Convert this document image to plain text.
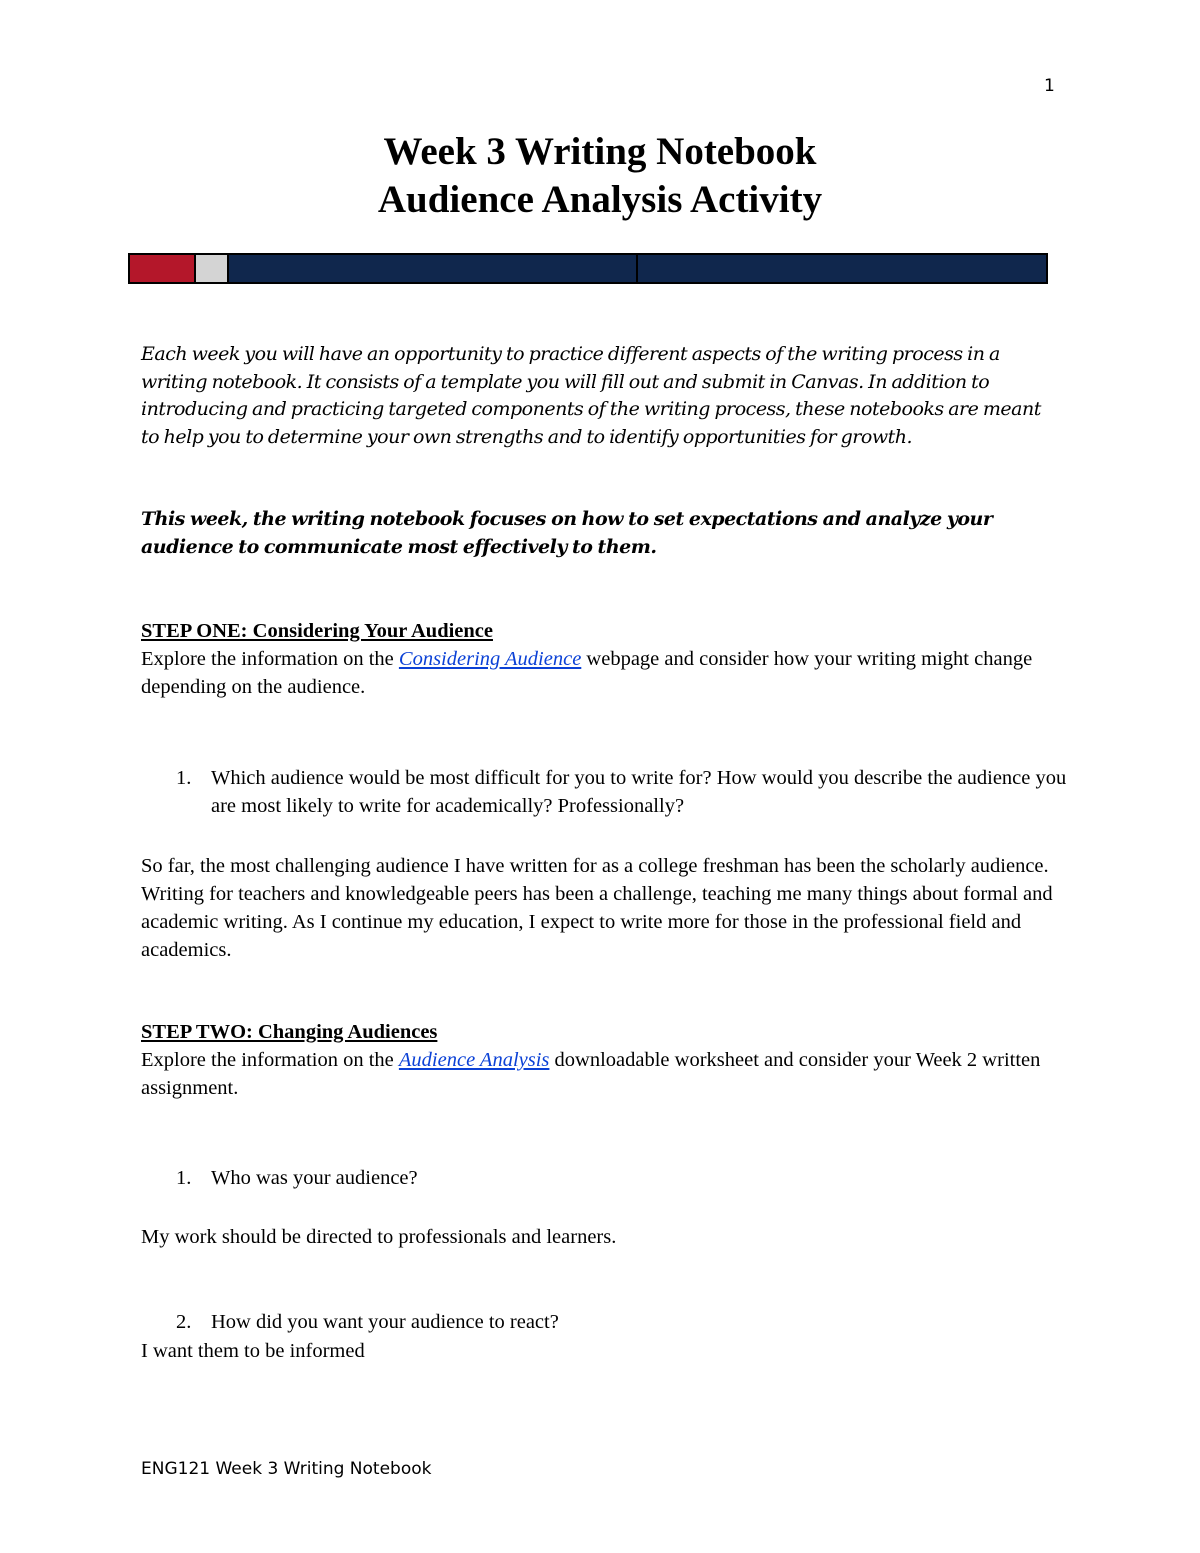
1
Week 3 Writing Notebook
Audience Analysis Activity

Each week you will have an opportunity to practice different aspects of the writing process in a writing notebook. It consists of a template you will fill out and submit in Canvas. In addition to introducing and practicing targeted components of the writing process, these notebooks are meant to help you to determine your own strengths and to identify opportunities for growth.

This week, the writing notebook focuses on how to set expectations and analyze your audience to communicate most effectively to them.

STEP ONE: Considering Your Audience
Explore the information on the Considering Audience webpage and consider how your writing might change depending on the audience.

1. Which audience would be most difficult for you to write for? How would you describe the audience you are most likely to write for academically? Professionally?

So far, the most challenging audience I have written for as a college freshman has been the scholarly audience. Writing for teachers and knowledgeable peers has been a challenge, teaching me many things about formal and academic writing. As I continue my education, I expect to write more for those in the professional field and academics.

STEP TWO: Changing Audiences
Explore the information on the Audience Analysis downloadable worksheet and consider your Week 2 written assignment.

1. Who was your audience?

My work should be directed to professionals and learners.

2. How did you want your audience to react?

I want them to be informed

ENG121 Week 3 Writing Notebook
